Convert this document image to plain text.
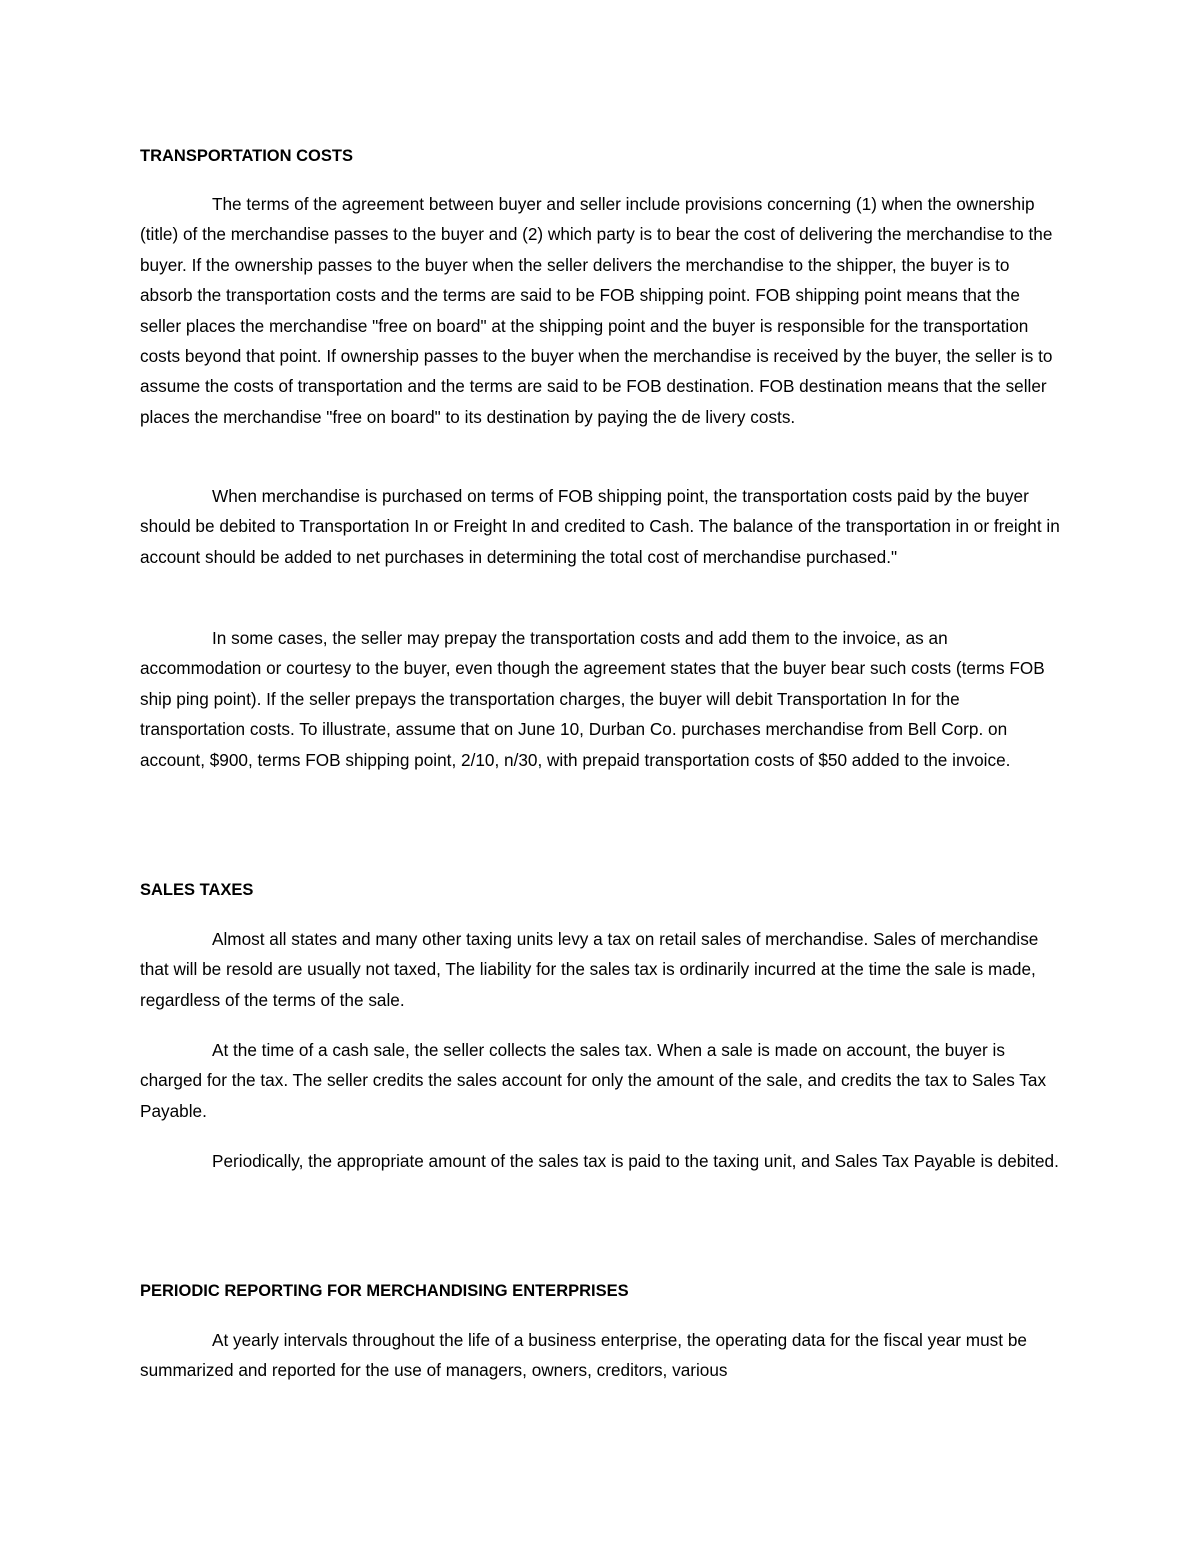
TRANSPORTATION COSTS

The terms of the agreement between buyer and seller include provisions concerning (1) when the ownership (title) of the merchandise passes to the buyer and (2) which party is to bear the cost of delivering the merchandise to the buyer. If the ownership passes to the buyer when the seller delivers the merchandise to the shipper, the buyer is to absorb the transportation costs and the terms are said to be FOB shipping point. FOB shipping point means that the seller places the merchandise "free on board" at the shipping point and the buyer is responsible for the transportation costs beyond that point. If ownership passes to the buyer when the merchandise is received by the buyer, the seller is to assume the costs of transportation and the terms are said to be FOB destination. FOB destination means that the seller places the merchandise "free on board" to its destination by paying the de livery costs.

When merchandise is purchased on terms of FOB shipping point, the transportation costs paid by the buyer should be debited to Transportation In or Freight In and credited to Cash. The balance of the transportation in or freight in account should be added to net purchases in determining the total cost of merchandise purchased."

In some cases, the seller may prepay the transportation costs and add them to the invoice, as an accommodation or courtesy to the buyer, even though the agreement states that the buyer bear such costs (terms FOB ship ping point). If the seller prepays the transportation charges, the buyer will debit Transportation In for the transportation costs. To illustrate, assume that on June 10, Durban Co. purchases merchandise from Bell Corp. on account, $900, terms FOB shipping point, 2/10, n/30, with prepaid transportation costs of $50 added to the invoice.

SALES TAXES

Almost all states and many other taxing units levy a tax on retail sales of merchandise. Sales of merchandise that will be resold are usually not taxed, The liability for the sales tax is ordinarily incurred at the time the sale is made, regardless of the terms of the sale.

At the time of a cash sale, the seller collects the sales tax. When a sale is made on account, the buyer is charged for the tax. The seller credits the sales account for only the amount of the sale, and credits the tax to Sales Tax Payable.

Periodically, the appropriate amount of the sales tax is paid to the taxing unit, and Sales Tax Payable is debited.

PERIODIC REPORTING FOR MERCHANDISING ENTERPRISES

At yearly intervals throughout the life of a business enterprise, the operating data for the fiscal year must be summarized and reported for the use of managers, owners, creditors, various
